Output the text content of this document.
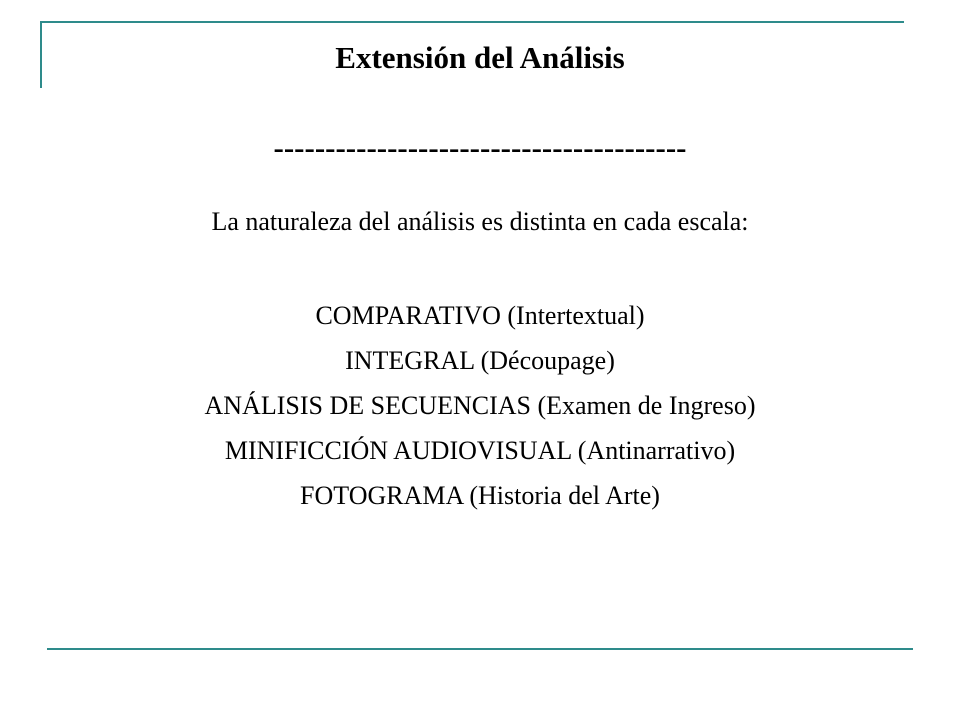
Extensión del Análisis
----------------------------------------
La naturaleza del análisis es distinta en cada escala:
COMPARATIVO (Intertextual)
INTEGRAL (Découpage)
ANÁLISIS DE SECUENCIAS (Examen de Ingreso)
MINIFICCIÓN AUDIOVISUAL (Antinarrativo)
FOTOGRAMA (Historia del Arte)
